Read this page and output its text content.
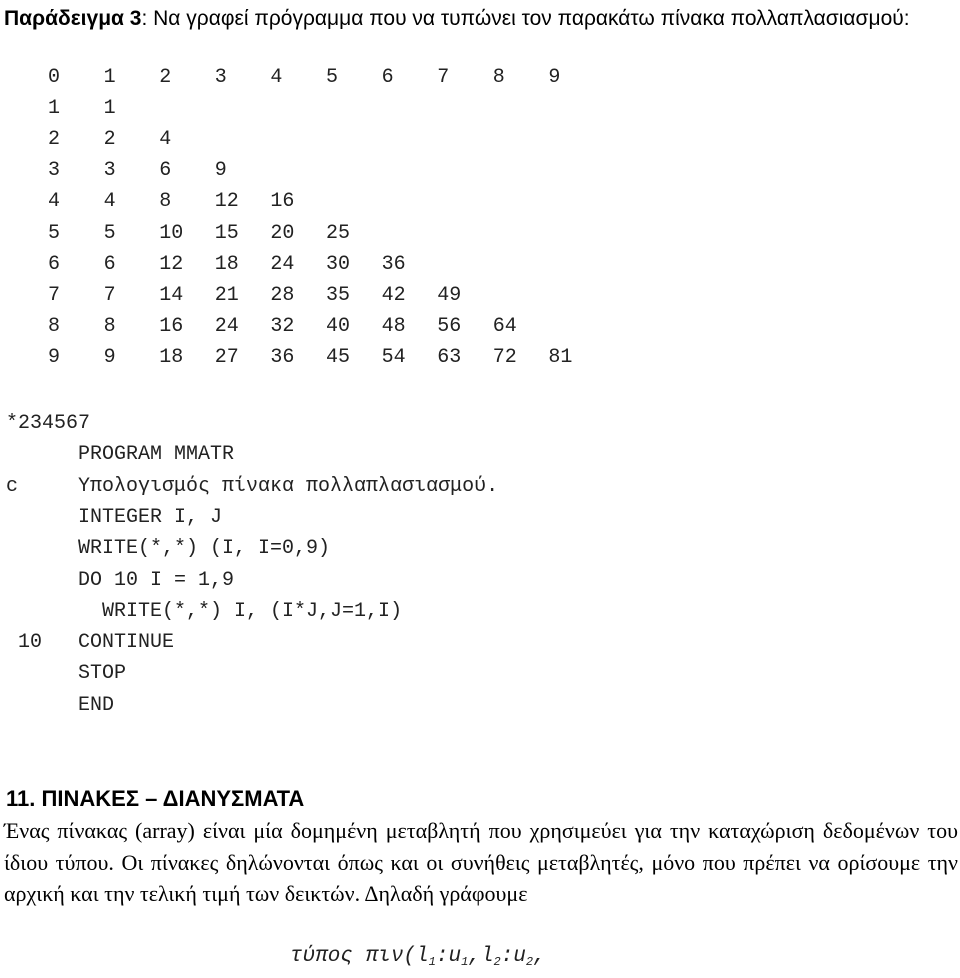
Παράδειγμα 3: Να γραφεί πρόγραμμα που να τυπώνει τον παρακάτω πίνακα πολλαπλασιασμού:

0	1	2	3	4	5	6	7	8	9
1	1
2	2	4
3	3	6	9
4	4	8	12	16
5	5	10	15	20	25
6	6	12	18	24	30	36
7	7	14	21	28	35	42	49
8	8	16	24	32	40	48	56	64
9	9	18	27	36	45	54	63	72	81
*234567
PROGRAM MMATR
c     Υπολογισμός πίνακα πολλαπλασιασμού.
INTEGER I, J
WRITE(*,*) (I, I=0,9)
DO 10 I = 1,9
WRITE(*,*) I, (I*J,J=1,I)
10   CONTINUE
STOP
END
11. ΠΙΝΑΚΕΣ – ΔΙΑΝΥΣΜΑΤΑ

Ένας πίνακας (array) είναι μία δομημένη μεταβλητή που χρησιμεύει για την καταχώριση δεδομένων του ίδιου τύπου. Οι πίνακες δηλώνονται όπως και οι συνήθεις μεταβλητές, μόνο που πρέπει να ορίσουμε την αρχική και την τελική τιμή των δεικτών. Δηλαδή γράφουμε

τύπος $\pi\iota\nu(l_1:u_1,l_2:u_2$,
